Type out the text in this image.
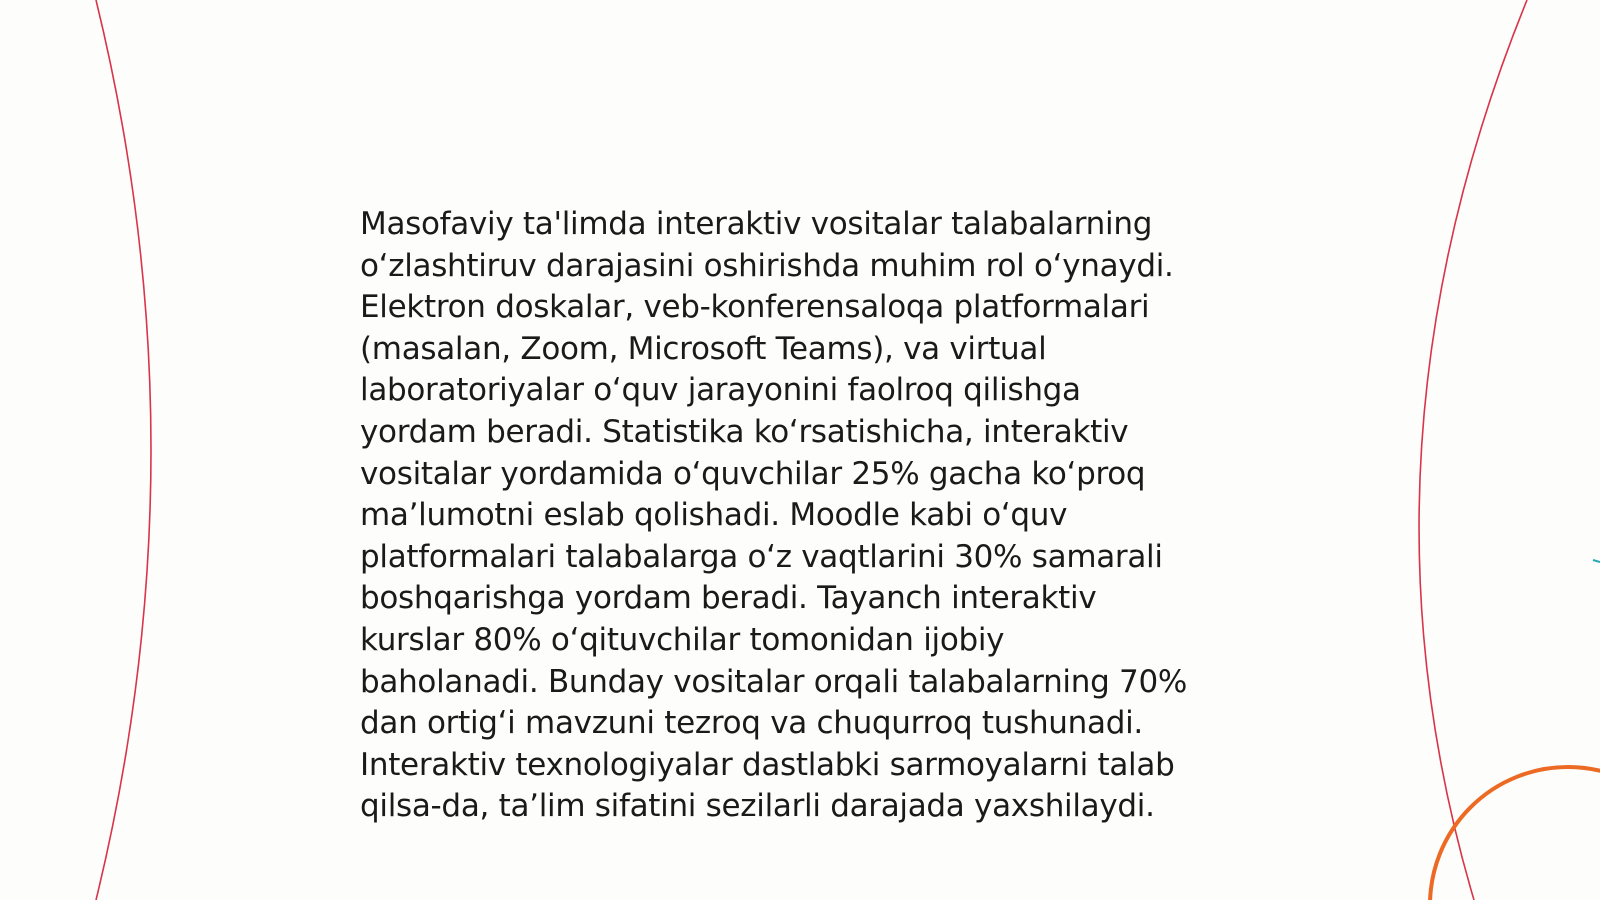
Masofaviy ta'limda interaktiv vositalar talabalarning
o‘zlashtiruv darajasini oshirishda muhim rol o‘ynaydi.
Elektron doskalar, veb-konferensaloqa platformalari
(masalan, Zoom, Microsoft Teams), va virtual
laboratoriyalar o‘quv jarayonini faolroq qilishga
yordam beradi. Statistika ko‘rsatishicha, interaktiv
vositalar yordamida o‘quvchilar 25% gacha ko‘proq
ma’lumotni eslab qolishadi. Moodle kabi o‘quv
platformalari talabalarga o‘z vaqtlarini 30% samarali
boshqarishga yordam beradi. Tayanch interaktiv
kurslar 80% o‘qituvchilar tomonidan ijobiy
baholanadi. Bunday vositalar orqali talabalarning 70%
dan ortig‘i mavzuni tezroq va chuqurroq tushunadi.
Interaktiv texnologiyalar dastlabki sarmoyalarni talab
qilsa-da, ta’lim sifatini sezilarli darajada yaxshilaydi.
